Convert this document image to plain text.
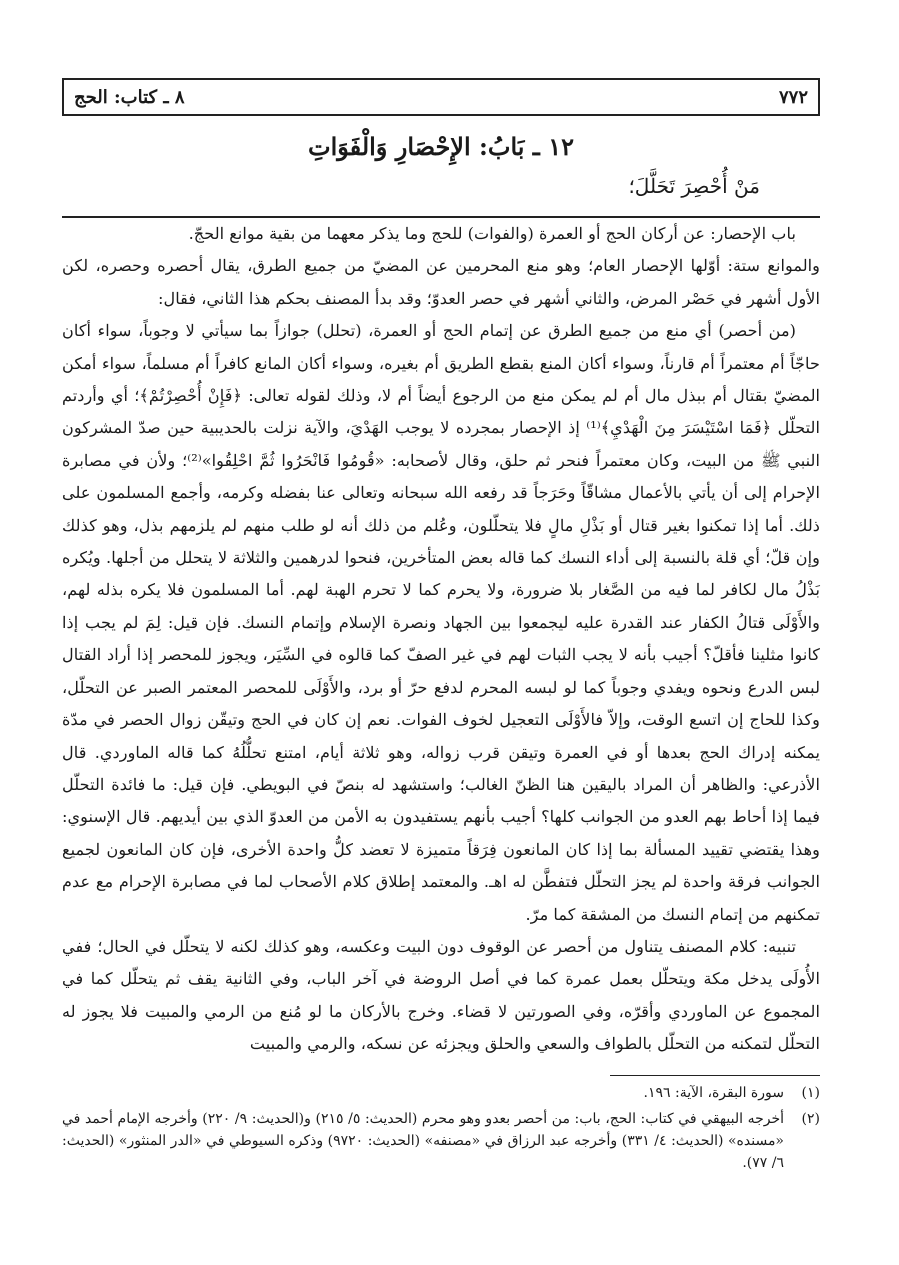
٧٧٢
٨ ـ كتاب: الحج
١٢ ـ بَابُ: الإِحْصَارِ وَالْفَوَاتِ
مَنْ أُحْصِرَ تَحَلَّلَ؛

باب الإحصار: عن أركان الحج أو العمرة (والفوات) للحج وما يذكر معهما من بقية موانع الحجّ.

والموانع ستة: أوّلها الإحصار العام؛ وهو منع المحرمين عن المضيّ من جميع الطرق، يقال أحصره وحصره، لكن الأول أشهر في حَصْر المرض، والثاني أشهر في حصر العدوّ؛ وقد بدأ المصنف بحكم هذا الثاني، فقال:

(من أحصر) أي منع من جميع الطرق عن إتمام الحج أو العمرة، (تحلل) جوازاً بما سيأتي لا وجوباً، سواء أكان حاجّاً أم معتمراً أم قارناً، وسواء أكان المنع بقطع الطريق أم بغيره، وسواء أكان المانع كافراً أم مسلماً، سواء أمكن المضيّ بقتال أم ببذل مال أم لم يمكن منع من الرجوع أيضاً أم لا، وذلك لقوله تعالى: ﴿فَإِنْ أُحْصِرْتُمْ﴾؛ أي وأردتم التحلّل ﴿فَمَا اسْتَيْسَرَ مِنَ الْهَدْيِ﴾⁽¹⁾ إذ الإحصار بمجرده لا يوجب الهَدْيَ، والآية نزلت بالحديبية حين صدّ المشركون النبي ﷺ من البيت، وكان معتمراً فنحر ثم حلق، وقال لأصحابه: «قُومُوا فَانْحَرُوا ثُمَّ احْلِقُوا»⁽²⁾؛ ولأن في مصابرة الإحرام إلى أن يأتي بالأعمال مشاقّاً وحَرَجاً قد رفعه الله سبحانه وتعالى عنا بفضله وكرمه، وأجمع المسلمون على ذلك. أما إذا تمكنوا بغير قتال أو بَذْلِ مالٍ فلا يتحلّلون، وعُلم من ذلك أنه لو طلب منهم لم يلزمهم بذل، وهو كذلك وإن قلّ؛ أي قلة بالنسبة إلى أداء النسك كما قاله بعض المتأخرين، فنحوا لدرهمين والثلاثة لا يتحلل من أجلها. ويُكره بَذْلُ مال لكافر لما فيه من الصَّغار بلا ضرورة، ولا يحرم كما لا تحرم الهبة لهم. أما المسلمون فلا يكره بذله لهم، والأَوْلَى قتالُ الكفار عند القدرة عليه ليجمعوا بين الجهاد ونصرة الإسلام وإتمام النسك. فإن قيل: لِمَ لم يجب إذا كانوا مثلينا فأقلّ؟ أجيب بأنه لا يجب الثبات لهم في غير الصفّ كما قالوه في السِّيَر، ويجوز للمحصر إذا أراد القتال لبس الدرع ونحوه ويفدي وجوباً كما لو لبسه المحرم لدفع حرّ أو برد، والأَوْلَى للمحصر المعتمر الصبر عن التحلّل، وكذا للحاج إن اتسع الوقت، وإلاّ فالأَوْلَى التعجيل لخوف الفوات. نعم إن كان في الحج وتيقّن زوال الحصر في مدّة يمكنه إدراك الحج بعدها أو في العمرة وتيقن قرب زواله، وهو ثلاثة أيام، امتنع تحلُّلُهُ كما قاله الماوردي. قال الأذرعي: والظاهر أن المراد باليقين هنا الظنّ الغالب؛ واستشهد له بنصّ في البويطي. فإن قيل: ما فائدة التحلّل فيما إذا أحاط بهم العدو من الجوانب كلها؟ أجيب بأنهم يستفيدون به الأمن من العدوّ الذي بين أيديهم. قال الإسنوي: وهذا يقتضي تقييد المسألة بما إذا كان المانعون فِرَقاً متميزة لا تعضد كلُّ واحدة الأخرى، فإن كان المانعون لجميع الجوانب فرقة واحدة لم يجز التحلّل فتفطَّن له اهـ. والمعتمد إطلاق كلام الأصحاب لما في مصابرة الإحرام مع عدم تمكنهم من إتمام النسك من المشقة كما مرّ.

تنبيه: كلام المصنف يتناول من أحصر عن الوقوف دون البيت وعكسه، وهو كذلك لكنه لا يتحلّل في الحال؛ ففي الأُولَى يدخل مكة ويتحلّل بعمل عمرة كما في أصل الروضة في آخر الباب، وفي الثانية يقف ثم يتحلّل كما في المجموع عن الماوردي وأقرّه، وفي الصورتين لا قضاء. وخرج بالأركان ما لو مُنع من الرمي والمبيت فلا يجوز له التحلّل لتمكنه من التحلّل بالطواف والسعي والحلق ويجزئه عن نسكه، والرمي والمبيت

(١)
سورة البقرة، الآية: ١٩٦.
(٢)
أخرجه البيهقي في كتاب: الحج، باب: من أحصر بعدو وهو محرم (الحديث: ٥/ ٢١٥) و(الحديث: ٩/ ٢٢٠) وأخرجه الإمام أحمد في «مسنده» (الحديث: ٤/ ٣٣١) وأخرجه عبد الرزاق في «مصنفه» (الحديث: ٩٧٢٠) وذكره السيوطي في «الدر المنثور» (الحديث: ٦/ ٧٧).
